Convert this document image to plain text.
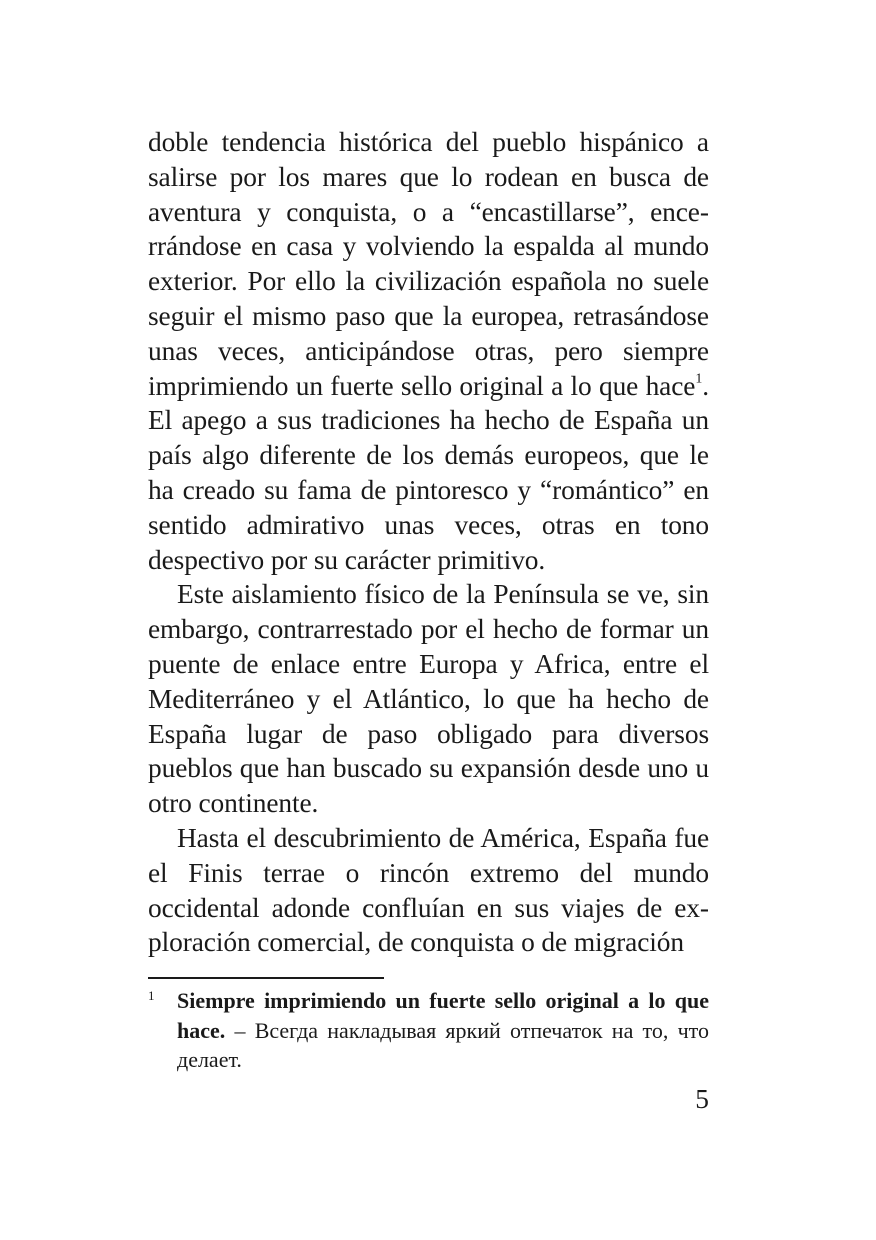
doble tendencia histórica del pueblo hispánico a salirse por los mares que lo rodean en busca de aventura y conquista, o a “encastillarse”, encerrándose en casa y volviendo la espalda al mundo exterior. Por ello la civilización española no suele seguir el mismo paso que la europea, retrasándose unas veces, anticipándose otras, pero siempre imprimiendo un fuerte sello original a lo que hace$^1$. El apego a sus tradiciones ha hecho de España un país algo diferente de los demás europeos, que le ha creado su fama de pintoresco y “romántico” en sentido admirativo unas veces, otras en tono despectivo por su carácter primitivo.

Este aislamiento físico de la Península se ve, sin embargo, contrarrestado por el hecho de formar un puente de enlace entre Europa y Africa, entre el Mediterráneo y el Atlántico, lo que ha hecho de España lugar de paso obligado para diversos pueblos que han buscado su expansión desde uno u otro continente.

Hasta el descubrimiento de América, España fue el Finis terrae o rincón extremo del mundo occidental adonde confluían en sus viajes de exploración comercial, de conquista o de migración

1 Siempre imprimiendo un fuerte sello original a lo que hace. – Всегда накладывая яркий отпечаток на то, что делает.
5
